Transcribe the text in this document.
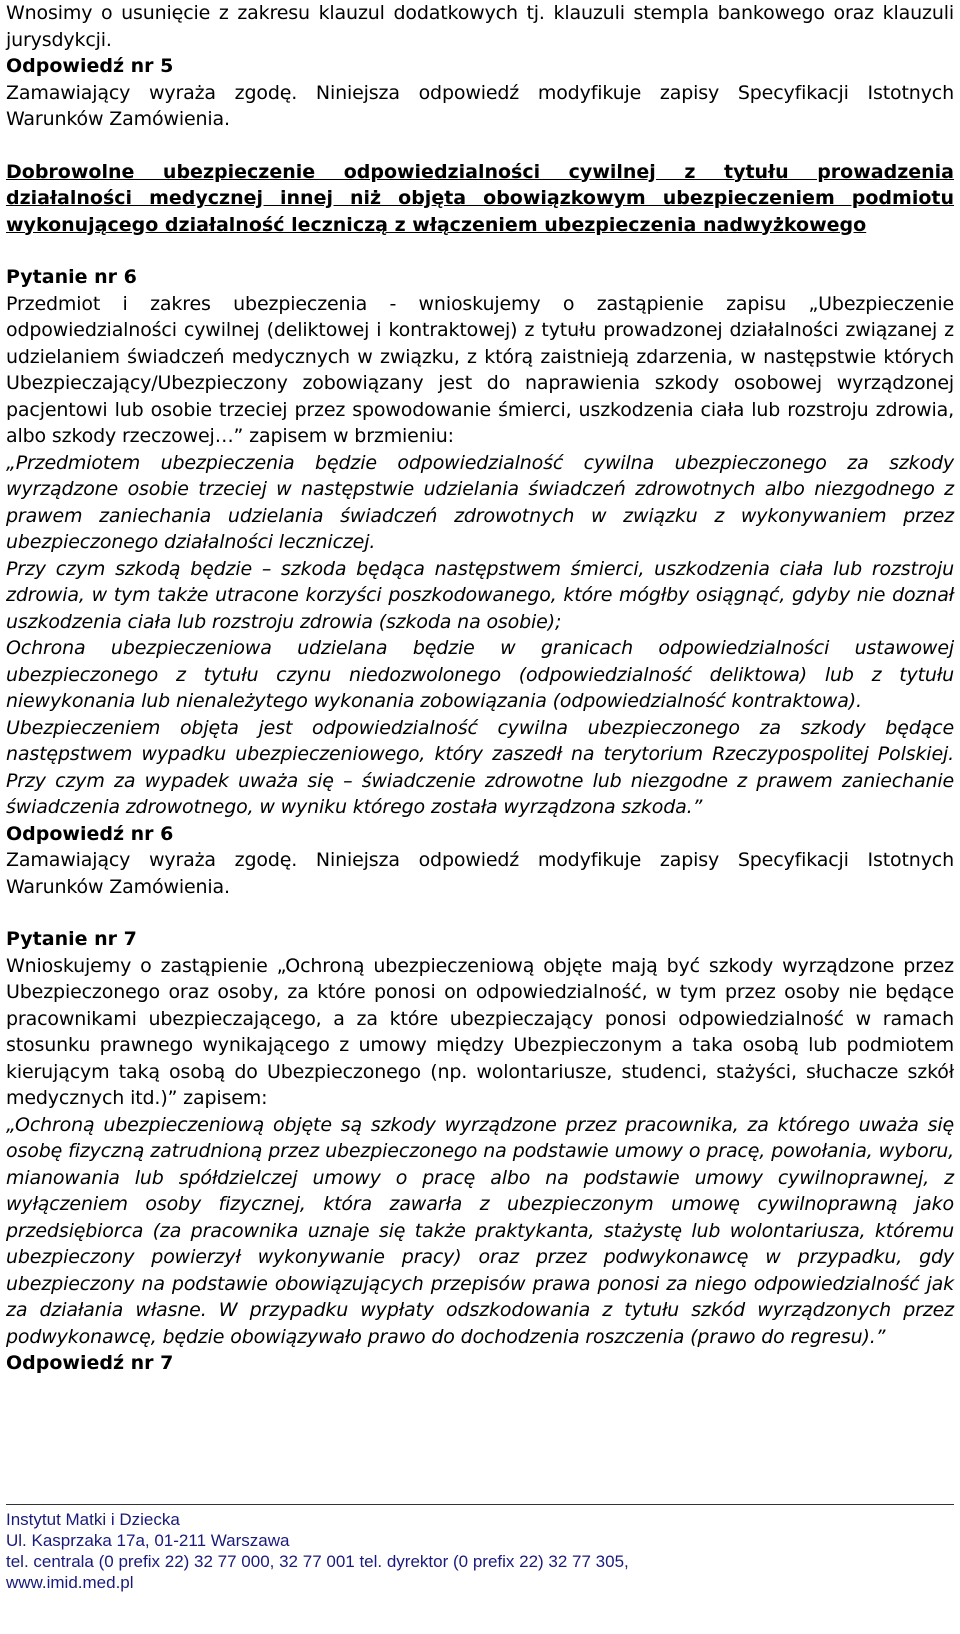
Wnosimy o usunięcie z zakresu klauzul dodatkowych tj. klauzuli stempla bankowego oraz klauzuli jurysdykcji.

Odpowiedź nr 5

Zamawiający wyraża zgodę. Niniejsza odpowiedź modyfikuje zapisy Specyfikacji Istotnych Warunków Zamówienia.

Dobrowolne ubezpieczenie odpowiedzialności cywilnej z tytułu prowadzenia działalności medycznej innej niż objęta obowiązkowym ubezpieczeniem podmiotu wykonującego działalność leczniczą z włączeniem ubezpieczenia nadwyżkowego

Pytanie nr 6

Przedmiot i zakres ubezpieczenia - wnioskujemy o zastąpienie zapisu „Ubezpieczenie odpowiedzialności cywilnej (deliktowej i kontraktowej) z tytułu prowadzonej działalności związanej z udzielaniem świadczeń medycznych w związku, z którą zaistnieją zdarzenia, w następstwie których Ubezpieczający/Ubezpieczony zobowiązany jest do naprawienia szkody osobowej wyrządzonej pacjentowi lub osobie trzeciej przez spowodowanie śmierci, uszkodzenia ciała lub rozstroju zdrowia, albo szkody rzeczowej…” zapisem w brzmieniu:

„Przedmiotem ubezpieczenia będzie odpowiedzialność cywilna ubezpieczonego za szkody wyrządzone osobie trzeciej w następstwie udzielania świadczeń zdrowotnych albo niezgodnego z prawem zaniechania udzielania świadczeń zdrowotnych w związku z wykonywaniem przez ubezpieczonego działalności leczniczej.

Przy czym szkodą będzie – szkoda będąca następstwem śmierci, uszkodzenia ciała lub rozstroju zdrowia, w tym także utracone korzyści poszkodowanego, które mógłby osiągnąć, gdyby nie doznał uszkodzenia ciała lub rozstroju zdrowia (szkoda na osobie);

Ochrona ubezpieczeniowa udzielana będzie w granicach odpowiedzialności ustawowej ubezpieczonego z tytułu czynu niedozwolonego (odpowiedzialność deliktowa) lub z tytułu niewykonania lub nienależytego wykonania zobowiązania (odpowiedzialność kontraktowa).

Ubezpieczeniem objęta jest odpowiedzialność cywilna ubezpieczonego za szkody będące następstwem wypadku ubezpieczeniowego, który zaszedł na terytorium Rzeczypospolitej Polskiej. Przy czym za wypadek uważa się – świadczenie zdrowotne lub niezgodne z prawem zaniechanie świadczenia zdrowotnego, w wyniku którego została wyrządzona szkoda.”

Odpowiedź nr 6

Zamawiający wyraża zgodę. Niniejsza odpowiedź modyfikuje zapisy Specyfikacji Istotnych Warunków Zamówienia.

Pytanie nr 7

Wnioskujemy o zastąpienie „Ochroną ubezpieczeniową objęte mają być szkody wyrządzone przez Ubezpieczonego oraz osoby, za które ponosi on odpowiedzialność, w tym przez osoby nie będące pracownikami ubezpieczającego, a za które ubezpieczający ponosi odpowiedzialność w ramach stosunku prawnego wynikającego z umowy między Ubezpieczonym a taka osobą lub podmiotem kierującym taką osobą do Ubezpieczonego (np. wolontariusze, studenci, stażyści, słuchacze szkół medycznych itd.)” zapisem:

„Ochroną ubezpieczeniową objęte są szkody wyrządzone przez pracownika, za którego uważa się osobę fizyczną zatrudnioną przez ubezpieczonego na podstawie umowy o pracę, powołania, wyboru, mianowania lub spółdzielczej umowy o pracę albo na podstawie umowy cywilnoprawnej, z wyłączeniem osoby fizycznej, która zawarła z ubezpieczonym umowę cywilnoprawną jako przedsiębiorca (za pracownika uznaje się także praktykanta, stażystę lub wolontariusza, któremu ubezpieczony powierzył wykonywanie pracy) oraz przez podwykonawcę w przypadku, gdy ubezpieczony na podstawie obowiązujących przepisów prawa ponosi za niego odpowiedzialność jak za działania własne. W przypadku wypłaty odszkodowania z tytułu szkód wyrządzonych przez podwykonawcę, będzie obowiązywało prawo do dochodzenia roszczenia (prawo do regresu).”

Odpowiedź nr 7

Instytut Matki i Dziecka
Ul. Kasprzaka 17a, 01-211 Warszawa
tel. centrala (0 prefix 22) 32 77 000, 32 77 001 tel. dyrektor (0 prefix 22) 32 77 305,
www.imid.med.pl
